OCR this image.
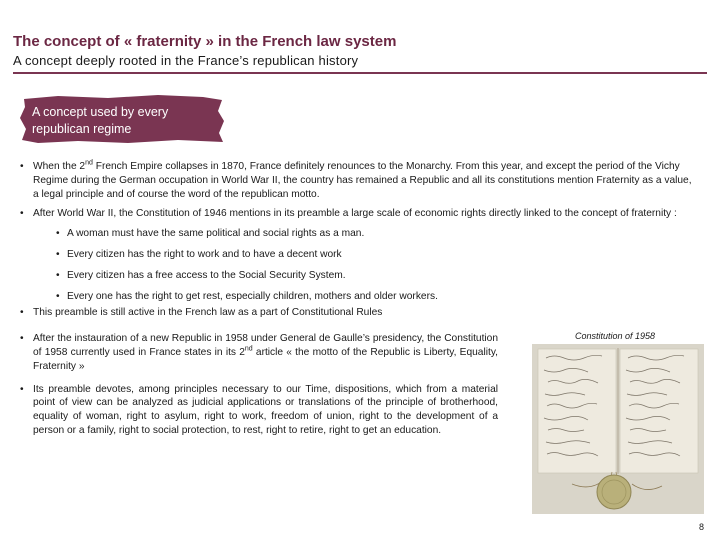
The concept of « fraternity » in the French law system
A concept deeply rooted in the France’s republican history
A concept used by every republican regime
• When the 2nd French Empire collapses in 1870, France definitely renounces to the Monarchy. From this year, and except the period of the Vichy Regime during the German occupation in World War II, the country has remained a Republic and all its constitutions mention Fraternity as a value, a legal principle and of course the word of the republican motto.
• After World War II, the Constitution of 1946 mentions in its preamble a large scale of economic rights directly linked to the concept of fraternity :
• A woman must have the same political and social rights as a man.
• Every citizen has the right to work and to have a decent work
• Every citizen has a free access to the Social Security System.
• Every one has the right to get rest, especially children, mothers and older workers.
• This preamble is still active in the French law as a part of Constitutional Rules
• After the instauration of a new Republic in 1958 under General de Gaulle’s presidency, the Constitution of 1958 currently used in France states in its 2nd article « the motto of the Republic is Liberty, Equality, Fraternity »
• Its preamble devotes, among principles necessary to our Time, dispositions, which from a material point of view can be analyzed as judicial applications or translations of the principle of brotherhood, equality of woman, right to asylum, right to work, freedom of union, right to the development of a person or a family, right to social protection, to rest, right to retire, right to get an education.
Constitution of 1958
8
